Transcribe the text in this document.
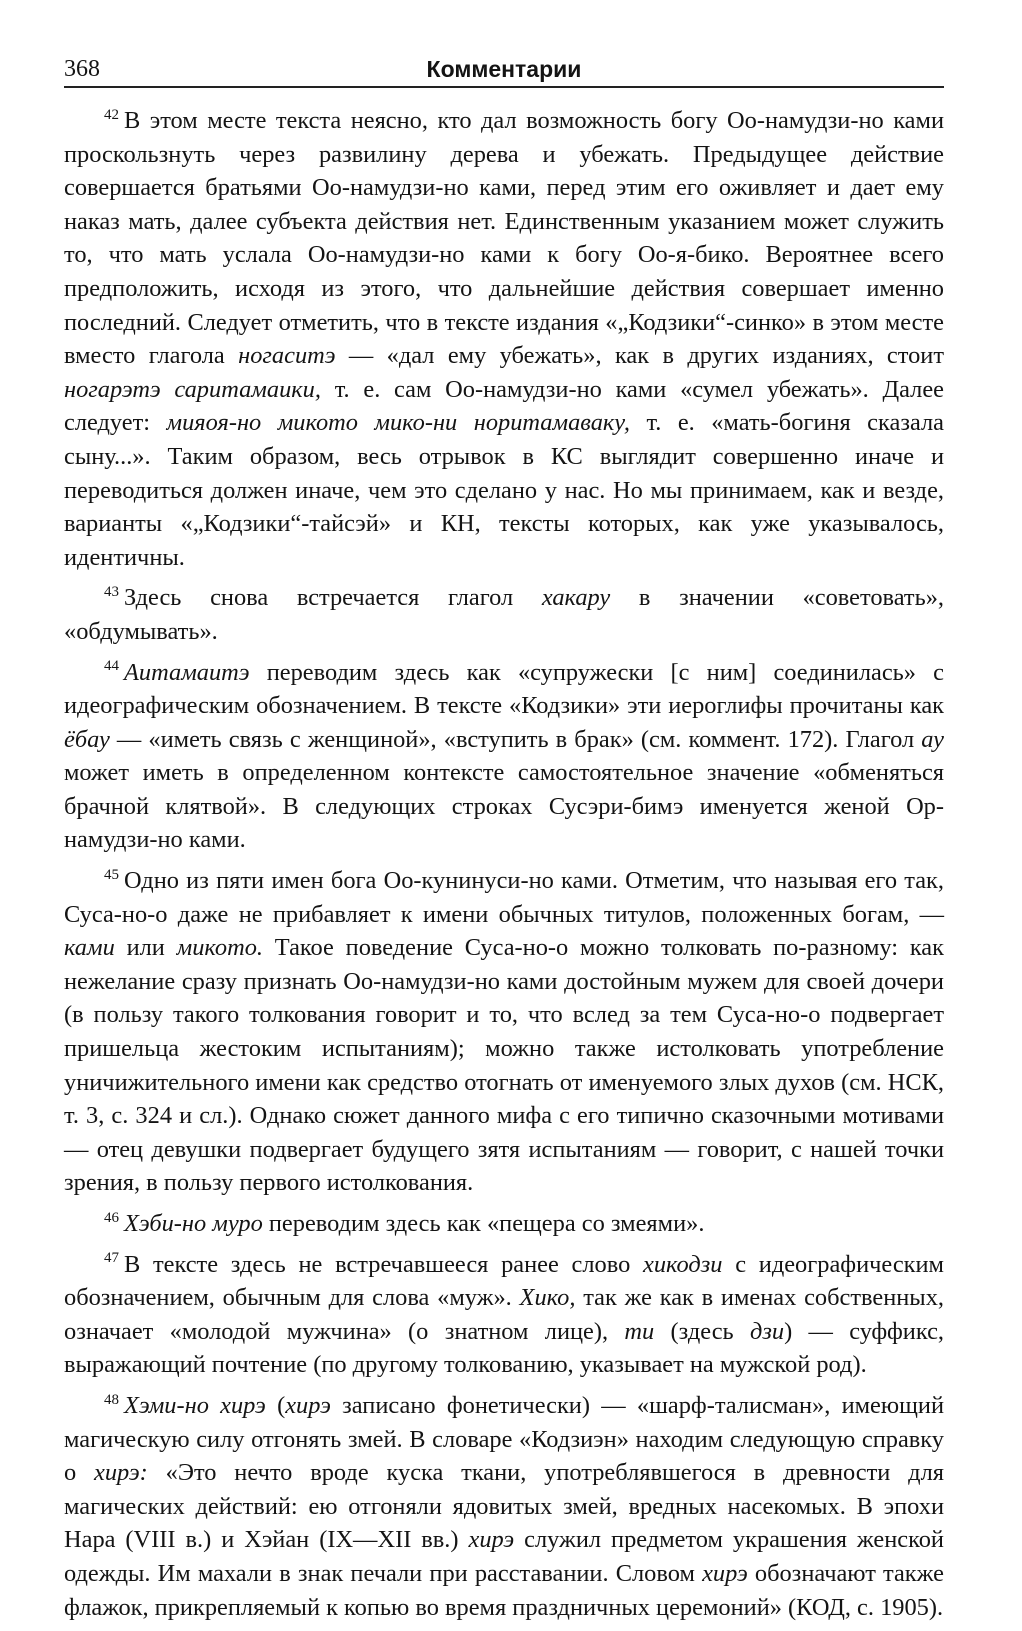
368	Комментарии

$^{42}$ В этом месте текста неясно, кто дал возможность богу Оо-намудзи-но ками проскользнуть через развилину дерева и убежать. Предыдущее действие совершается братьями Оо-намудзи-но ками, перед этим его оживляет и дает ему наказ мать, далее субъекта действия нет. Единственным указанием может служить то, что мать услала Оо-намудзи-но ками к богу Оо-я-бико. Вероятнее всего предположить, исходя из этого, что дальнейшие действия совершает именно последний. Следует отметить, что в тексте издания «„Кодзики“-синко» в этом месте вместо глагола ногаситэ — «дал ему убежать», как в других изданиях, стоит ногарэтэ саритамаики, т. е. сам Оо-намудзи-но ками «сумел убежать». Далее следует: мияоя-но микото мико-ни норитамаваку, т. е. «мать-богиня сказала сыну...». Таким образом, весь отрывок в КС выглядит совершенно иначе и переводиться должен иначе, чем это сделано у нас. Но мы принимаем, как и везде, варианты «„Кодзики“-тайсэй» и КН, тексты которых, как уже указывалось, идентичны.

$^{43}$ Здесь снова встречается глагол хакару в значении «советовать», «обдумывать».

$^{44}$ Аитамаитэ переводим здесь как «супружески [с ним] соединилась» с идеографическим обозначением. В тексте «Кодзики» эти иероглифы прочитаны как ёбау — «иметь связь с женщиной», «вступить в брак» (см. коммент. 172). Глагол ау может иметь в определенном контексте самостоятельное значение «обменяться брачной клятвой». В следующих строках Сусэри-бимэ именуется женой Ор-намудзи-но ками.

$^{45}$ Одно из пяти имен бога Оо-кунинуси-но ками. Отметим, что называя его так, Суса-но-о даже не прибавляет к имени обычных титулов, положенных богам, — ками или микото. Такое поведение Суса-но-о можно толковать по-разному: как нежелание сразу признать Оо-намудзи-но ками достойным мужем для своей дочери (в пользу такого толкования говорит и то, что вслед за тем Суса-но-о подвергает пришельца жестоким испытаниям); можно также истолковать употребление уничижительного имени как средство отогнать от именуемого злых духов (см. НСК, т. 3, с. 324 и сл.). Однако сюжет данного мифа с его типично сказочными мотивами — отец девушки подвергает будущего зятя испытаниям — говорит, с нашей точки зрения, в пользу первого истолкования.

$^{46}$ Хэби-но муро переводим здесь как «пещера со змеями».

$^{47}$ В тексте здесь не встречавшееся ранее слово хикодзи с идеографическим обозначением, обычным для слова «муж». Хико, так же как в именах собственных, означает «молодой мужчина» (о знатном лице), ти (здесь дзи) — суффикс, выражающий почтение (по другому толкованию, указывает на мужской род).

$^{48}$ Хэми-но хирэ (хирэ записано фонетически) — «шарф-талисман», имеющий магическую силу отгонять змей. В словаре «Кодзиэн» находим следующую справку о хирэ: «Это нечто вроде куска ткани, употреблявшегося в древности для магических действий: ею отгоняли ядовитых змей, вредных насекомых. В эпохи Нара (VIII в.) и Хэйан (IX—XII вв.) хирэ служил предметом украшения женской одежды. Им махали в знак печали при расставании. Словом хирэ обозначают также флажок, прикрепляемый к копью во время праздничных церемоний» (КОД, с. 1905).
